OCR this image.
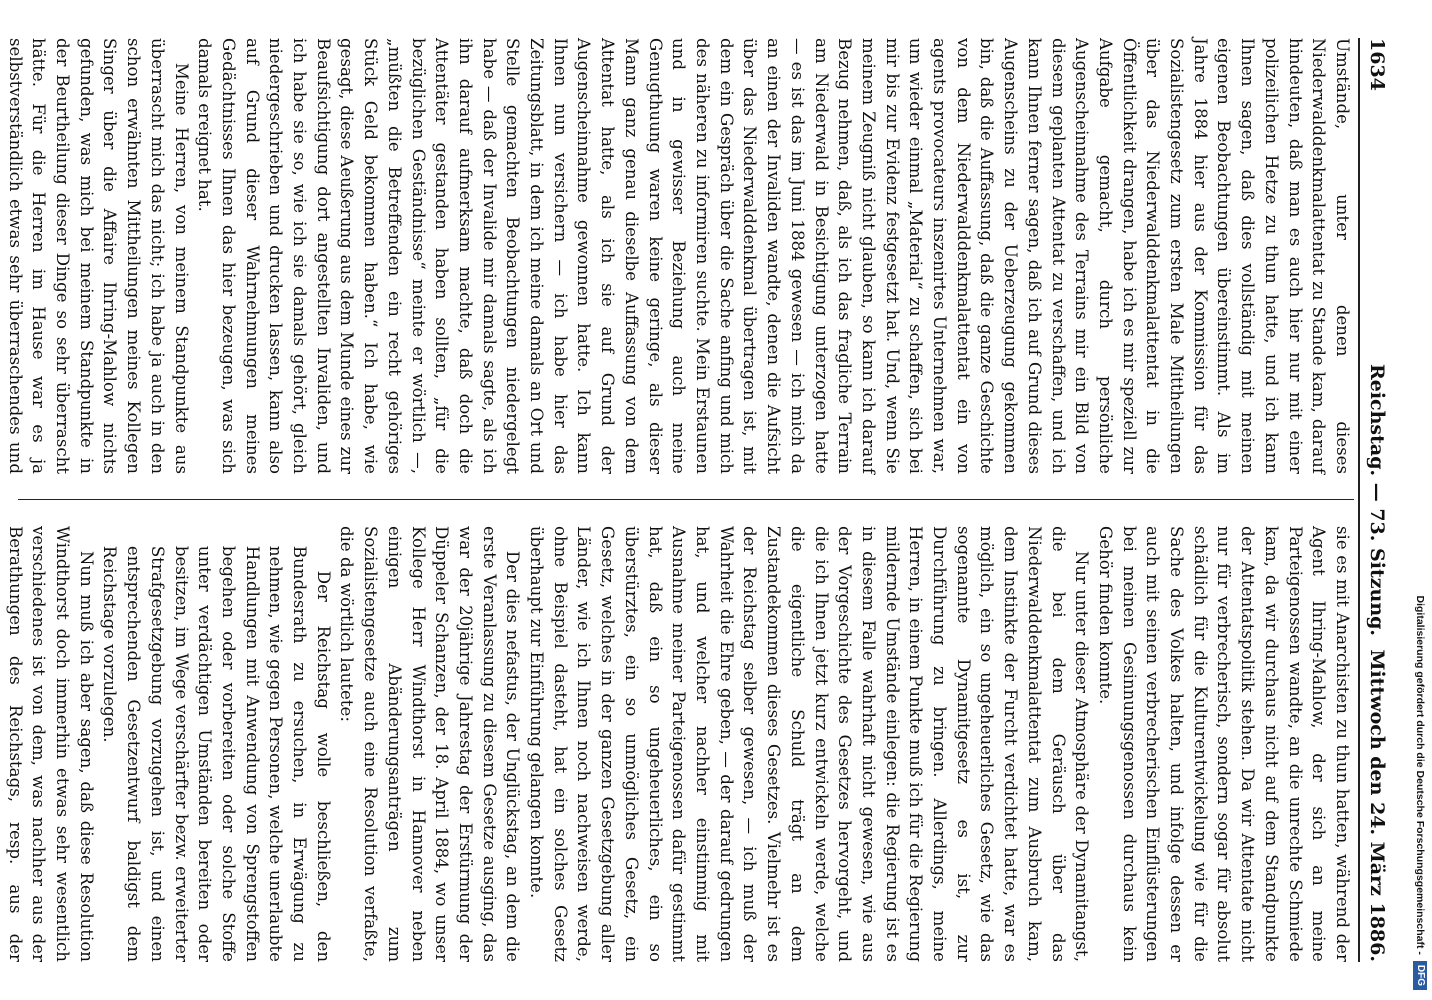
1634
Reichstag. — 73. Sitzung.
Mittwoch den 24. März 1886.

Umstände, unter denen dieses Niederwalddenkmalattentat zu Stande kam, darauf hindeuten, daß man es auch hier nur mit einer polizeilichen Hetze zu thun hatte, und ich kann Ihnen sagen, daß dies vollständig mit meinen eigenen Beobachtungen übereinstimmt. Als im Jahre 1884 hier aus der Kommission für das Sozialistengesetz zum ersten Male Mittheilungen über das Niederwalddenkmalattentat in die Öffentlichkeit drangen, habe ich es mir speziell zur Aufgabe gemacht, durch persönliche Augenscheinnahme des Terrains mir ein Bild von diesem geplanten Attentat zu verschaffen, und ich kann Ihnen ferner sagen, daß ich auf Grund dieses Augenscheins zu der Ueberzeugung gekommen bin, daß die Auffassung, daß die ganze Geschichte von dem Niederwalddenkmalattentat ein von agents provocateurs inszenirtes Unternehmen war, um wieder einmal „Material“ zu schaffen, sich bei mir bis zur Evidenz festgesetzt hat. Und, wenn Sie meinem Zeugniß nicht glauben, so kann ich darauf Bezug nehmen, daß, als ich das fragliche Terrain am Niederwald in Besichtigung unterzogen hatte — es ist das im Juni 1884 gewesen — ich mich da an einen der Invaliden wandte, denen die Aufsicht über das Niederwalddenkmal übertragen ist, mit dem ein Gespräch über die Sache anfing und mich des näheren zu informiren suchte. Mein Erstaunen und in gewisser Beziehung auch meine Genugthuung waren keine geringe, als dieser Mann ganz genau dieselbe Auffassung von dem Attentat hatte, als ich sie auf Grund der Augenscheinnahme gewonnen hatte. Ich kann Ihnen nun versichern — ich habe hier das Zeitungsblatt, in dem ich meine damals an Ort und Stelle gemachten Beobachtungen niedergelegt habe — daß der Invalide mir damals sagte, als ich ihn darauf aufmerksam machte, daß doch die Attentäter gestanden haben sollten, „für die bezüglichen Geständnisse“ meinte er wörtlich —, „müßten die Betreffenden ein recht gehöriges Stück Geld bekommen haben.“ Ich habe, wie gesagt, diese Aeußerung aus dem Munde eines zur Beaufsichtigung dort angestellten Invaliden, und ich habe sie so, wie ich sie damals gehört, gleich niedergeschrieben und drucken lassen, kann also auf Grund dieser Wahrnehmungen meines Gedächtnisses Ihnen das hier bezeugen, was sich damals ereignet hat.

Meine Herren, von meinem Standpunkte aus überrascht mich das nicht; ich habe ja auch in den schon erwähnten Mittheilungen meines Kollegen Singer über die Affaire Ihring-Mahlow nichts gefunden, was mich bei meinem Standpunkte in der Beurtheilung dieser Dinge so sehr überrascht hätte. Für die Herren im Hause war es ja selbstverständlich etwas sehr überraschendes und

sie es mit Anarchisten zu thun hatten, während der Agent Ihring-Mahlow, der sich an meine Parteigenossen wandte, an die unrechte Schmiede kam, da wir durchaus nicht auf dem Standpunkte der Attentatspolitik stehen. Da wir Attentate nicht nur für verbrecherisch, sondern sogar für absolut schädlich für die Kulturentwickelung wie für die Sache des Volkes halten, und infolge dessen er auch mit seinen verbrecherischen Einflüsterungen bei meinen Gesinnungsgenossen durchaus kein Gehör finden konnte.

Nur unter dieser Atmosphäre der Dynamitangst, die bei dem Geräusch über das Niederwalddenkmalattentat zum Ausbruch kam, dem Instinkte der Furcht verdichtet hatte, war es möglich, ein so ungeheuerliches Gesetz, wie das sogenannte Dynamitgesetz es ist, zur Durchführung zu bringen. Allerdings, meine Herren, in einem Punkte muß ich für die Regierung mildernde Umstände einlegen: die Regierung ist es in diesem Falle wahrhaft nicht gewesen, wie aus der Vorgeschichte des Gesetzes hervorgeht, und die ich Ihnen jetzt kurz entwickeln werde, welche die eigentliche Schuld trägt an dem Zustandekommen dieses Gesetzes. Vielmehr ist es der Reichstag selber gewesen, — ich muß der Wahrheit die Ehre geben, — der darauf gedrungen hat, und welcher nachher einstimmig mit Ausnahme meiner Parteigenossen dafür gestimmt hat, daß ein so ungeheuerliches, ein so überstürztes, ein so unmögliches Gesetz, ein Gesetz, welches in der ganzen Gesetzgebung aller Länder, wie ich Ihnen noch nachweisen werde, ohne Beispiel dasteht, hat ein solches Gesetz überhaupt zur Einführung gelangen konnte.

Der dies nefastus, der Unglückstag, an dem die erste Veranlassung zu diesem Gesetze ausging, das war der 20jährige Jahrestag der Erstürmung der Düppeler Schanzen, der 18. April 1884, wo unser Kollege Herr Windthorst in Hannover neben einigen Abänderungsanträgen zum Sozialistengesetze auch eine Resolution verfaßte, die da wörtlich lautete:

Der Reichstag wolle beschließen, den Bundesrath zu ersuchen, in Erwägung zu nehmen, wie gegen Personen, welche unerlaubte Handlungen mit Anwendung von Sprengstoffen begehen oder vorbereiten oder solche Stoffe unter verdächtigen Umständen bereiten oder besitzen, im Wege verschärfter bezw. erweiterter Strafgesetzgebung vorzugehen ist, und einen entsprechenden Gesetzentwurf baldigst dem Reichstage vorzulegen.

Nun muß ich aber sagen, daß diese Resolution Windthorst doch immerhin etwas sehr wesentlich verschiedenes ist von dem, was nachher aus der Berathungen des Reichstags, resp. aus der	Digitalisierung gefördert durch die Deutsche Forschungsgemeinschaft -DFG
